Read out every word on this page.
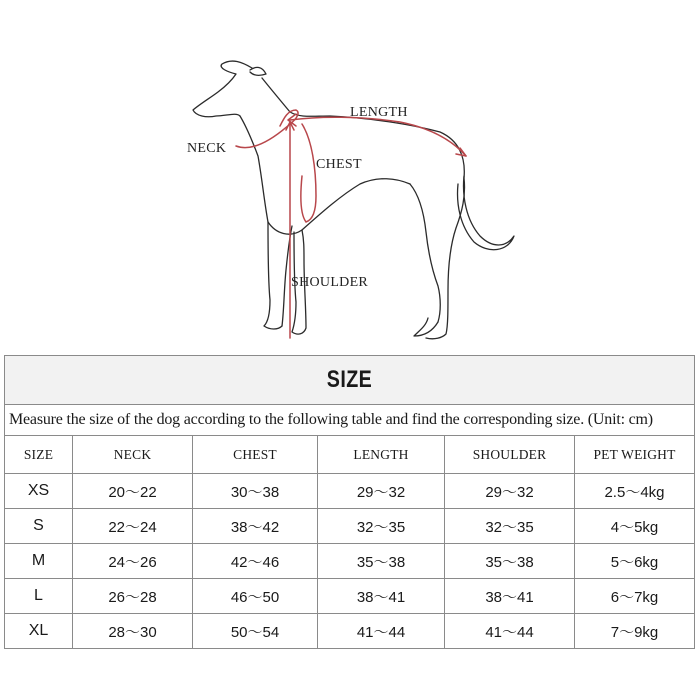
LENGTH
NECK
CHEST
SHOULDER
SIZE					

Measure the size of the dog according to the following table and find the corresponding size. (Unit: cm)					
SIZE	NECK	CHEST	LENGTH	SHOULDER	PET WEIGHT
XS	20～22	30～38	29～32	29～32	2.5～4kg
S	22～24	38～42	32～35	32～35	4～5kg
M	24～26	42～46	35～38	35～38	5～6kg
L	26～28	46～50	38～41	38～41	6～7kg
XL	28～30	50～54	41～44	41～44	7～9kg
